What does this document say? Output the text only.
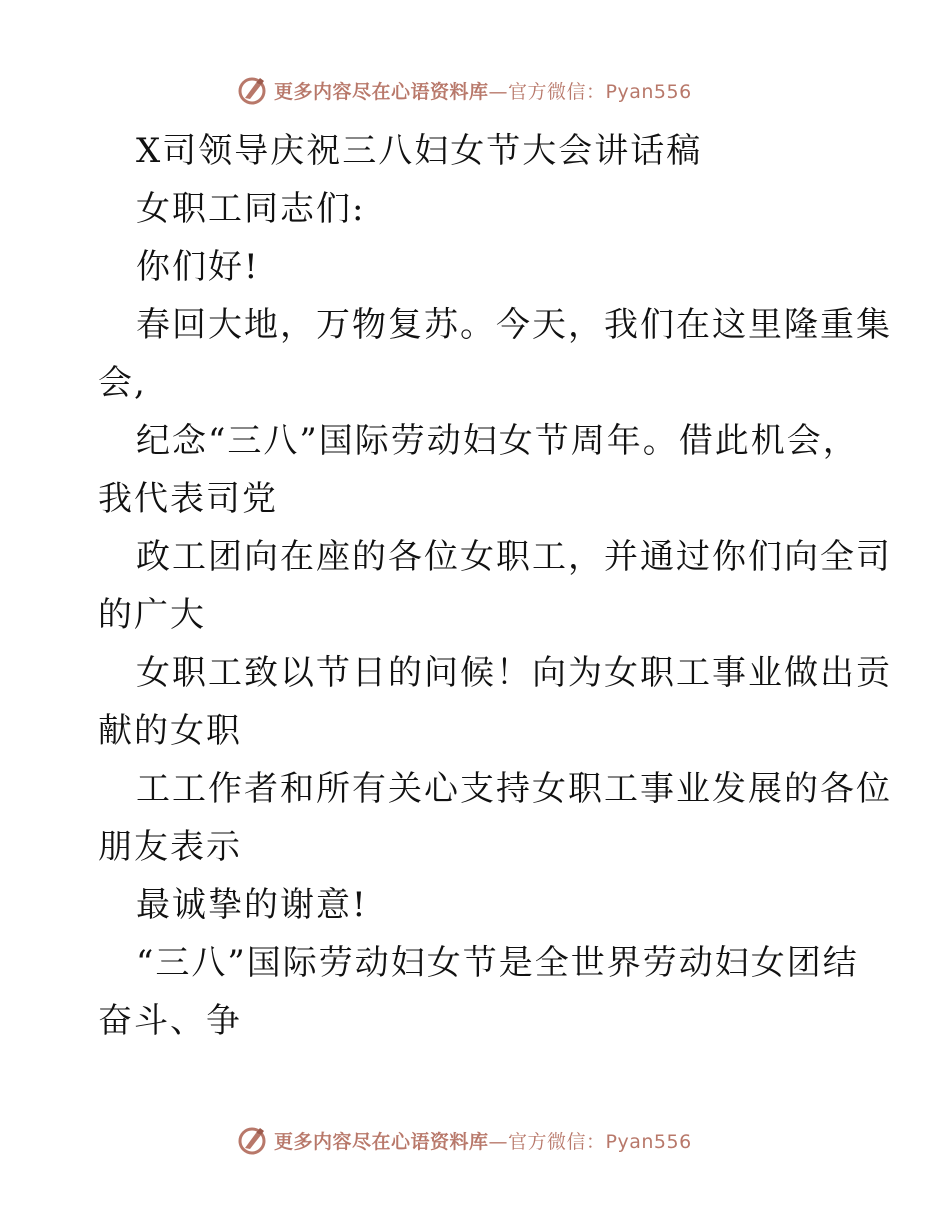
更多内容尽在心语资料库—官方微信：Pyan556
X司领导庆祝三八妇女节大会讲话稿
女职工同志们:
你们好!
春回大地，万物复苏。今天，我们在这里隆重集
会,
纪念“三八”国际劳动妇女节周年。借此机会，
我代表司党
政工团向在座的各位女职工，并通过你们向全司
的广大
女职工致以节日的问候！向为女职工事业做出贡
献的女职
工工作者和所有关心支持女职工事业发展的各位
朋友表示
最诚挚的谢意!
“三八”国际劳动妇女节是全世界劳动妇女团结
奋斗、争
更多内容尽在心语资料库—官方微信：Pyan556
